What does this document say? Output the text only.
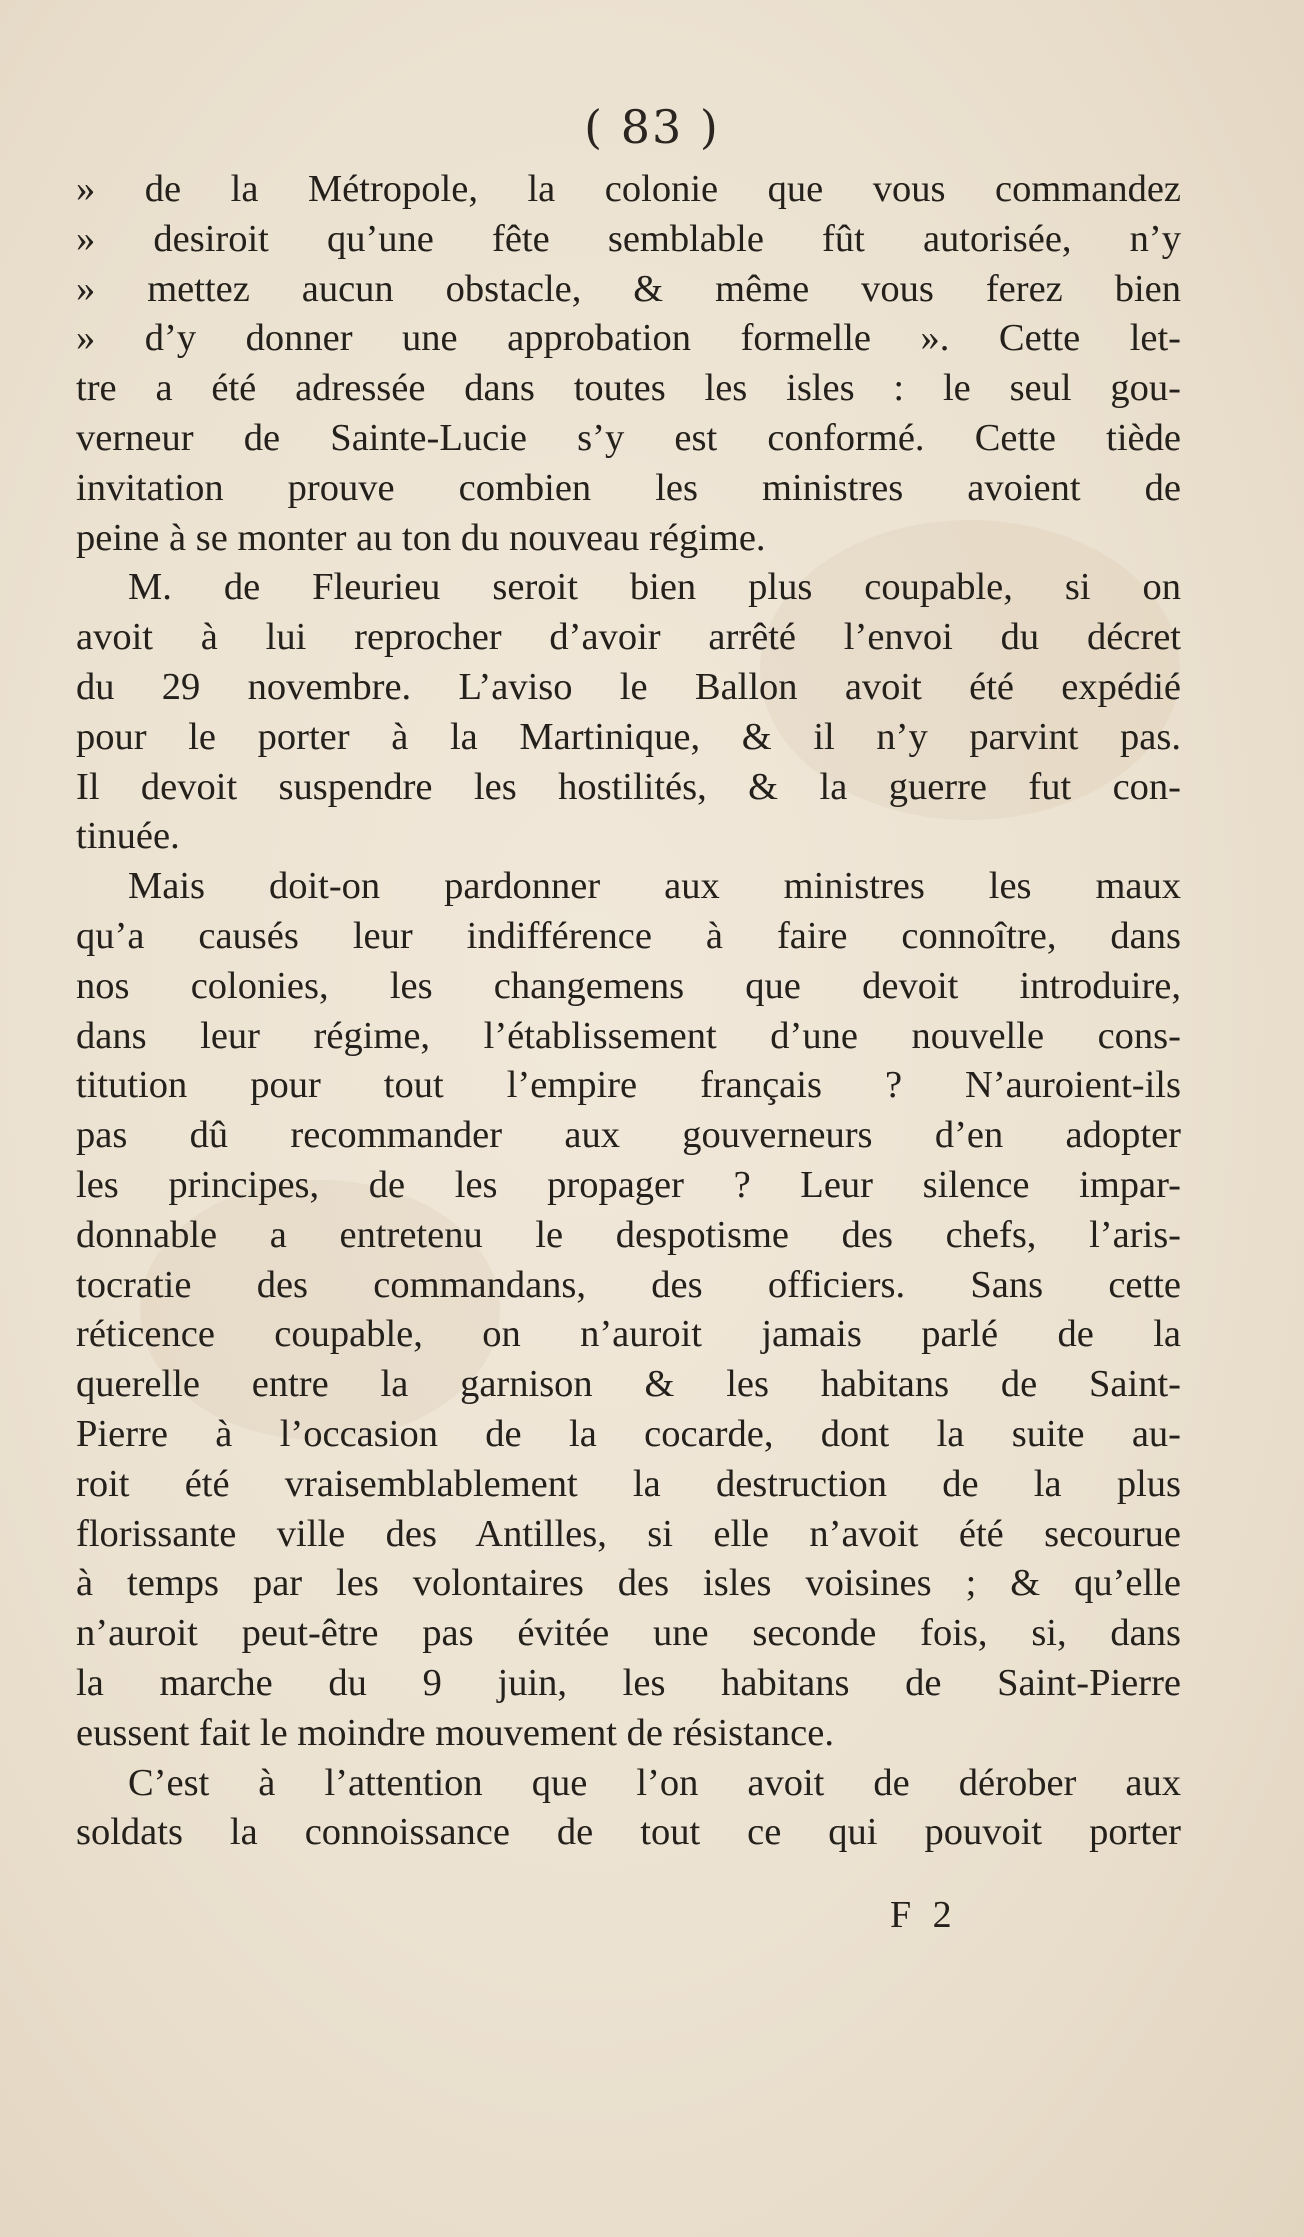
( 83 )
» de la Métropole, la colonie que vous commandez
» desiroit qu’une fête semblable fût autorisée, n’y
» mettez aucun obstacle, & même vous ferez bien
» d’y donner une approbation formelle ». Cette let-
tre a été adressée dans toutes les isles : le seul gou-
verneur de Sainte-Lucie s’y est conformé. Cette tiède
invitation prouve combien les ministres avoient de
peine à se monter au ton du nouveau régime.
M. de Fleurieu seroit bien plus coupable, si on
avoit à lui reprocher d’avoir arrêté l’envoi du décret
du 29 novembre. L’aviso le Ballon avoit été expédié
pour le porter à la Martinique, & il n’y parvint pas.
Il devoit suspendre les hostilités, & la guerre fut con-
tinuée.
Mais doit-on pardonner aux ministres les maux
qu’a causés leur indifférence à faire connoître, dans
nos colonies, les changemens que devoit introduire,
dans leur régime, l’établissement d’une nouvelle cons-
titution pour tout l’empire français ? N’auroient-ils
pas dû recommander aux gouverneurs d’en adopter
les principes, de les propager ? Leur silence impar-
donnable a entretenu le despotisme des chefs, l’aris-
tocratie des commandans, des officiers. Sans cette
réticence coupable, on n’auroit jamais parlé de la
querelle entre la garnison & les habitans de Saint-
Pierre à l’occasion de la cocarde, dont la suite au-
roit été vraisemblablement la destruction de la plus
florissante ville des Antilles, si elle n’avoit été secourue
à temps par les volontaires des isles voisines ; & qu’elle
n’auroit peut-être pas évitée une seconde fois, si, dans
la marche du 9 juin, les habitans de Saint-Pierre
eussent fait le moindre mouvement de résistance.
C’est à l’attention que l’on avoit de dérober aux
soldats la connoissance de tout ce qui pouvoit porter
F 2
